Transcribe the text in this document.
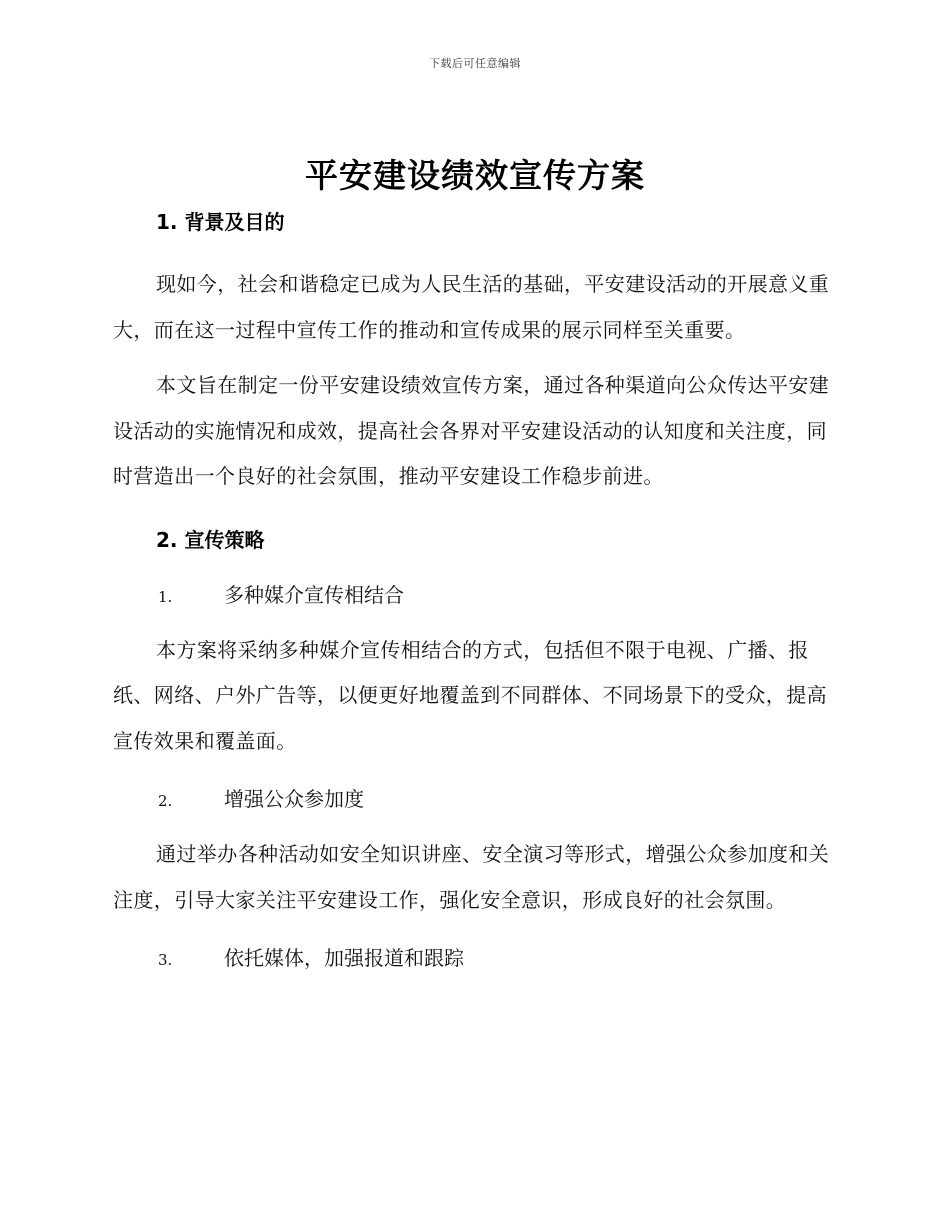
下载后可任意编辑
平安建设绩效宣传方案
1. 背景及目的

现如今，社会和谐稳定已成为人民生活的基础，平安建设活动的开展意义重大，而在这一过程中宣传工作的推动和宣传成果的展示同样至关重要。

本文旨在制定一份平安建设绩效宣传方案，通过各种渠道向公众传达平安建设活动的实施情况和成效，提高社会各界对平安建设活动的认知度和关注度，同时营造出一个良好的社会氛围，推动平安建设工作稳步前进。

2. 宣传策略
1.	多种媒介宣传相结合

本方案将采纳多种媒介宣传相结合的方式，包括但不限于电视、广播、报纸、网络、户外广告等，以便更好地覆盖到不同群体、不同场景下的受众，提高宣传效果和覆盖面。

2.	增强公众参加度

通过举办各种活动如安全知识讲座、安全演习等形式，增强公众参加度和关注度，引导大家关注平安建设工作，强化安全意识，形成良好的社会氛围。

3.	依托媒体，加强报道和跟踪
